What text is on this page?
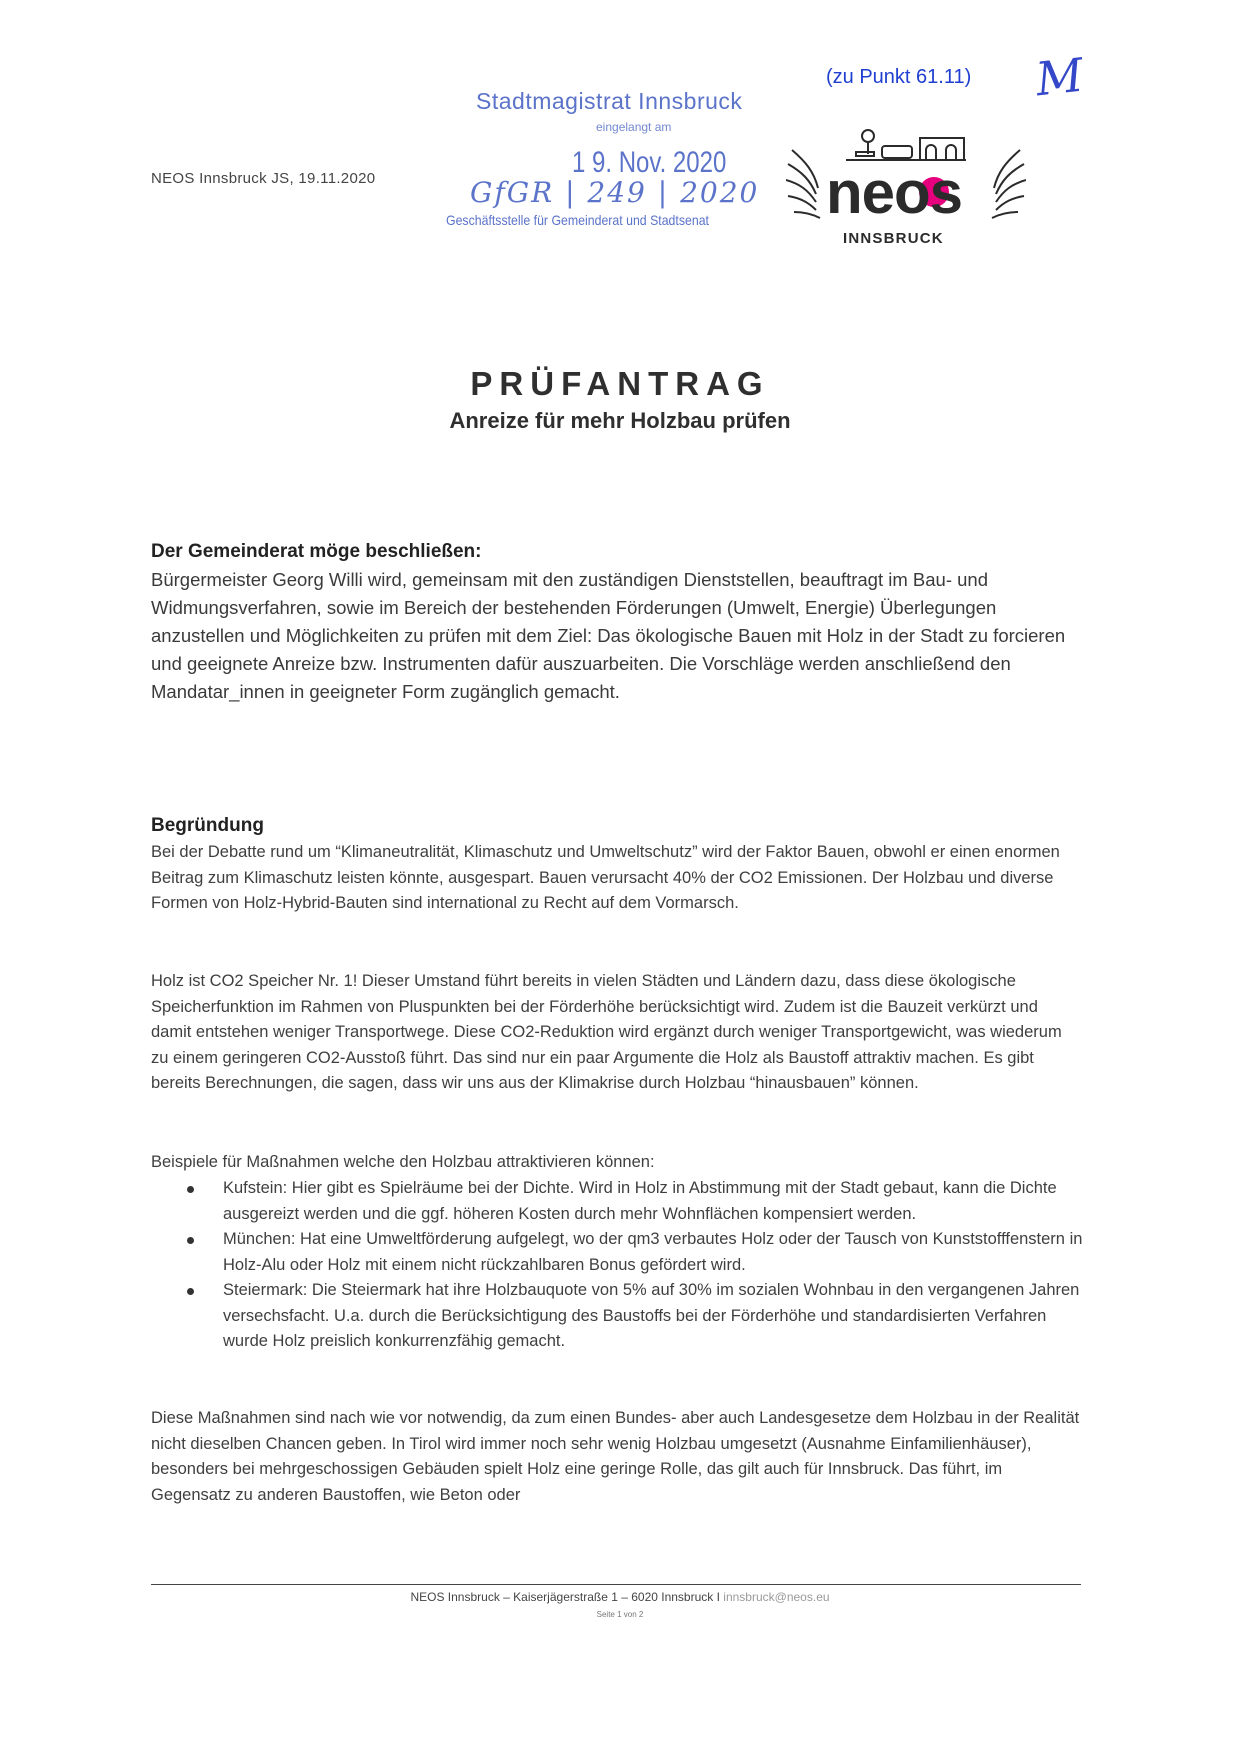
(zu Punkt 61.11) M
NEOS Innsbruck JS, 19.11.2020
Stadtmagistrat Innsbruck
eingelangt am
1 9. Nov. 2020
GfGR | 249 | 2020
Geschäftsstelle für Gemeinderat und Stadtsenat neos
INNSBRUCK
PRÜFANTRAG
Anreize für mehr Holzbau prüfen
Der Gemeinderat möge beschließen:
Bürgermeister Georg Willi wird, gemeinsam mit den zuständigen Dienststellen, beauftragt im Bau- und Widmungsverfahren, sowie im Bereich der bestehenden Förderungen (Umwelt, Energie) Überlegungen anzustellen und Möglichkeiten zu prüfen mit dem Ziel: Das ökologische Bauen mit Holz in der Stadt zu forcieren und geeignete Anreize bzw. Instrumenten dafür auszuarbeiten. Die Vorschläge werden anschließend den Mandatar_innen in geeigneter Form zugänglich gemacht.
Begründung
Bei der Debatte rund um “Klimaneutralität, Klimaschutz und Umweltschutz” wird der Faktor Bauen, obwohl er einen enormen Beitrag zum Klimaschutz leisten könnte, ausgespart. Bauen verursacht 40% der CO2 Emissionen. Der Holzbau und diverse Formen von Holz-Hybrid-Bauten sind international zu Recht auf dem Vormarsch.
Holz ist CO2 Speicher Nr. 1! Dieser Umstand führt bereits in vielen Städten und Ländern dazu, dass diese ökologische Speicherfunktion im Rahmen von Pluspunkten bei der Förderhöhe berücksichtigt wird. Zudem ist die Bauzeit verkürzt und damit entstehen weniger Transportwege. Diese CO2-Reduktion wird ergänzt durch weniger Transportgewicht, was wiederum zu einem geringeren CO2-Ausstoß führt. Das sind nur ein paar Argumente die Holz als Baustoff attraktiv machen. Es gibt bereits Berechnungen, die sagen, dass wir uns aus der Klimakrise durch Holzbau “hinausbauen” können.
Beispiele für Maßnahmen welche den Holzbau attraktivieren können:
Kufstein: Hier gibt es Spielräume bei der Dichte. Wird in Holz in Abstimmung mit der Stadt gebaut, kann die Dichte ausgereizt werden und die ggf. höheren Kosten durch mehr Wohnflächen kompensiert werden.
München: Hat eine Umweltförderung aufgelegt, wo der qm3 verbautes Holz oder der Tausch von Kunststofffenstern in Holz-Alu oder Holz mit einem nicht rückzahlbaren Bonus gefördert wird.
Steiermark: Die Steiermark hat ihre Holzbauquote von 5% auf 30% im sozialen Wohnbau in den vergangenen Jahren versechsfacht. U.a. durch die Berücksichtigung des Baustoffs bei der Förderhöhe und standardisierten Verfahren wurde Holz preislich konkurrenzfähig gemacht.
Diese Maßnahmen sind nach wie vor notwendig, da zum einen Bundes- aber auch Landesgesetze dem Holzbau in der Realität nicht dieselben Chancen geben. In Tirol wird immer noch sehr wenig Holzbau umgesetzt (Ausnahme Einfamilienhäuser), besonders bei mehrgeschossigen Gebäuden spielt Holz eine geringe Rolle, das gilt auch für Innsbruck. Das führt, im Gegensatz zu anderen Baustoffen, wie Beton oder
NEOS Innsbruck – Kaiserjägerstraße 1 – 6020 Innsbruck I innsbruck@neos.eu
Seite 1 von 2
